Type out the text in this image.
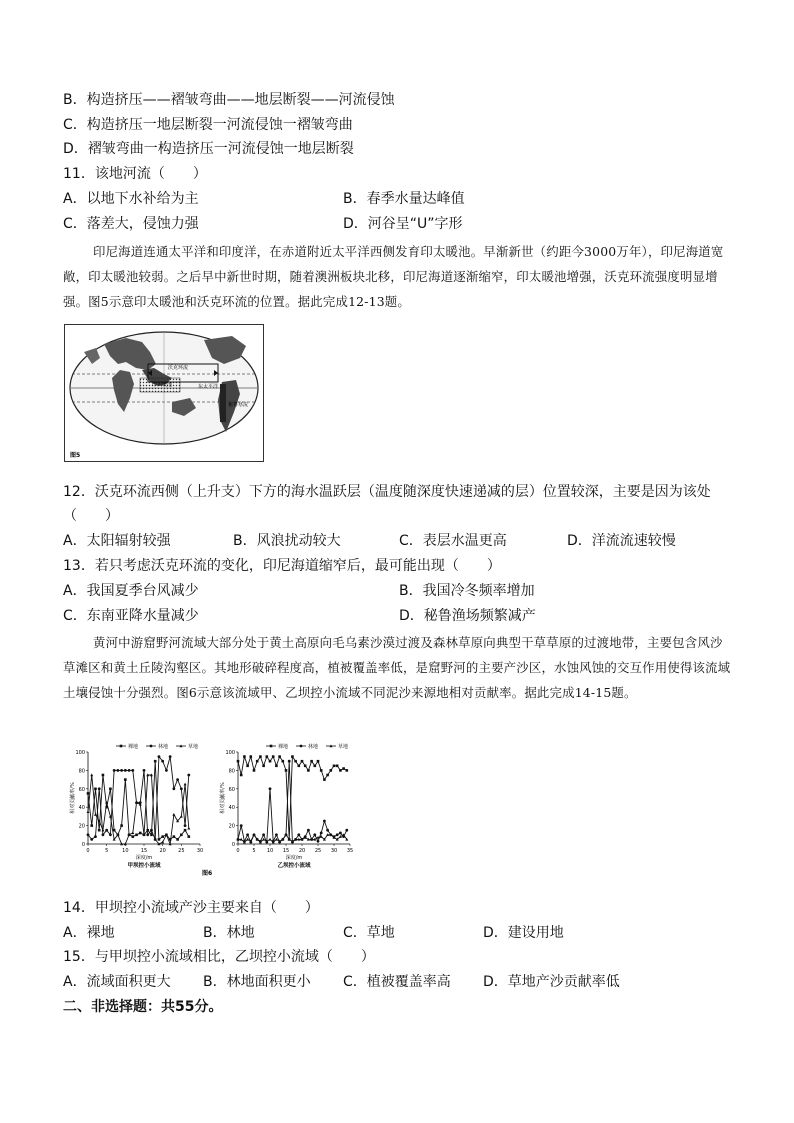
B．构造挤压——褶皱弯曲——地层断裂——河流侵蚀
C．构造挤压一地层断裂一河流侵蚀一褶皱弯曲
D．褶皱弯曲一构造挤压一河流侵蚀一地层断裂
11．该地河流（　　）
A．以地下水补给为主	B．春季水量达峰值
C．落差大，侵蚀力强	D．河谷呈“U”字形

印尼海道连通太平洋和印度洋，在赤道附近太平洋西侧发育印太暖池。早渐新世（约距今3000万年），印尼海道宽敞，印太暖池较弱。之后早中新世时期，随着澳洲板块北移，印尼海道逐渐缩窄，印太暖池增强，沃克环流强度明显增强。图5示意印太暖池和沃克环流的位置。据此完成12-13题。

沃克环流
印太暖池	东太平洋
秘鲁寒流
图5
12．沃克环流西侧（上升支）下方的海水温跃层（温度随深度快速递减的层）位置较深，主要是因为该处
（　　）
A．太阳辐射较强	B．风浪扰动较大	C．表层水温更高	D．洋流流速较慢
13．若只考虑沃克环流的变化，印尼海道缩窄后，最可能出现（　　）
A．我国夏季台风减少	B．我国冷冬频率增加
C．东南亚降水量减少	D．秘鲁渔场频繁减产

黄河中游窟野河流域大部分处于黄土高原向毛乌素沙漠过渡及森林草原向典型干草草原的过渡地带，主要包含风沙草滩区和黄土丘陵沟壑区。其地形破碎程度高，植被覆盖率低，是窟野河的主要产沙区，水蚀风蚀的交互作用使得该流域土壤侵蚀十分强烈。图6示意该流域甲、乙坝控小流域不同泥沙来源地相对贡献率。据此完成14-15题。

0
20
40
60
80
100
0	5	10 15 20 25 30
相对贡献率/%
深度/m
甲坝控小流域
裸地	林地	草地
0
20
40
60
80
100
0	5 10 15 20 25 30 35
相对贡献率/%
深度/m
乙坝控小流域
裸地	林地	草地
图6
14．甲坝控小流域产沙主要来自（　　）
A．裸地	B．林地	C．草地	D．建设用地
15．与甲坝控小流域相比，乙坝控小流域（　　）
A．流域面积更大 B．林地面积更小 C．植被覆盖率高 D．草地产沙贡献率低
二、非选择题：共55分。
